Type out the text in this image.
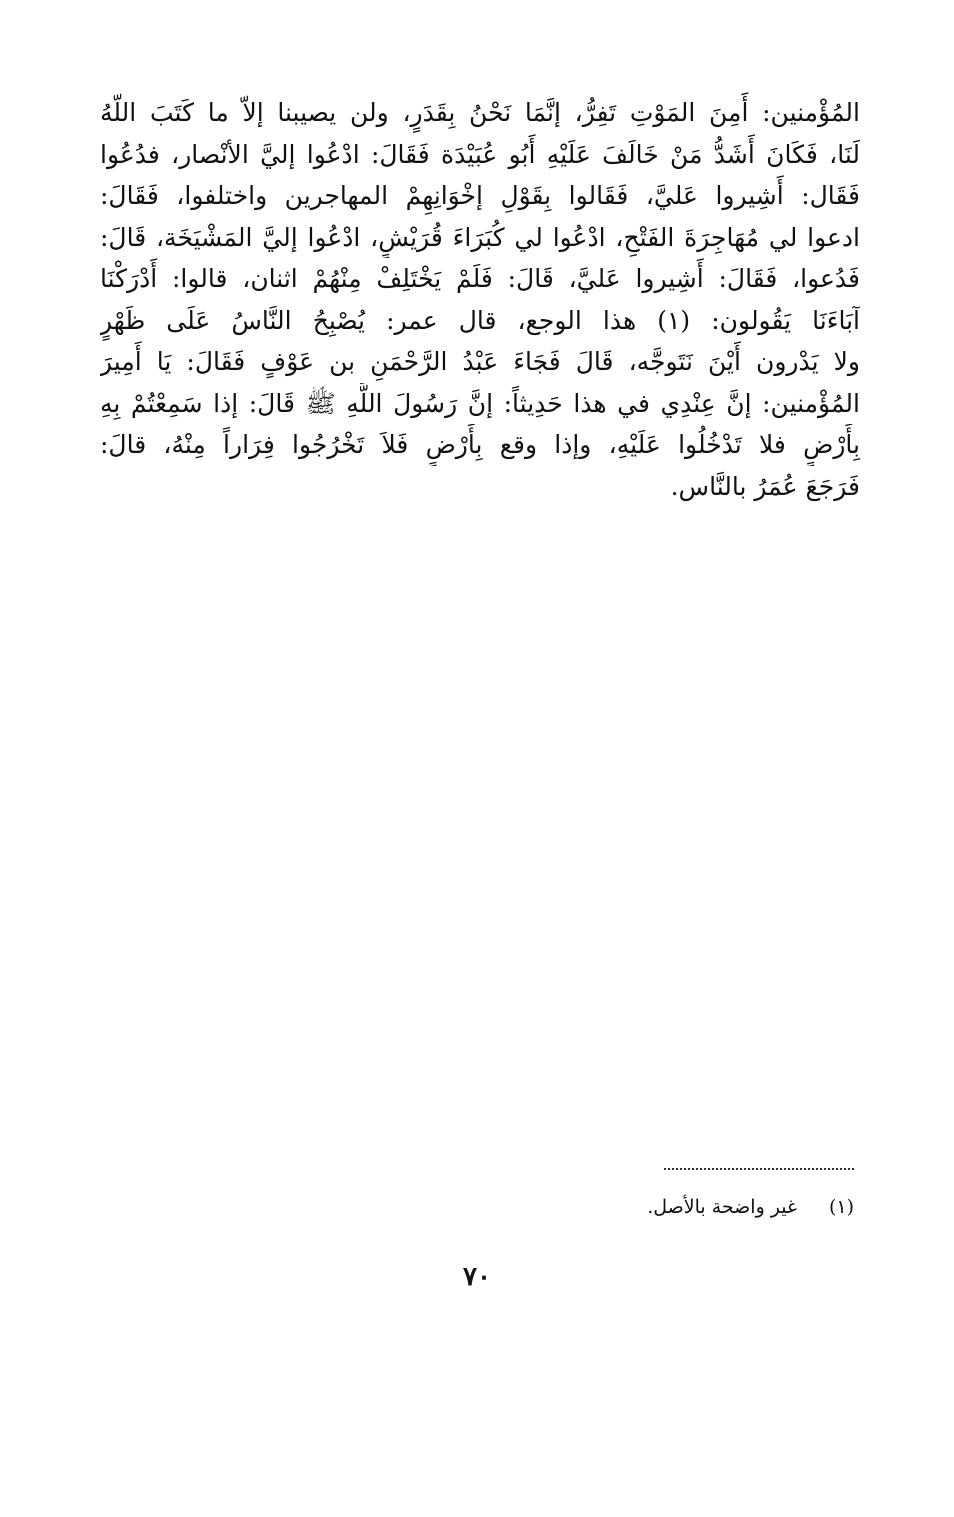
المُؤْمنين: أَمِنَ المَوْتِ تَفِرُّ، إنَّمَا نَحْنُ بِقَدَرٍ، ولن يصيبنا إلاّ ما كَتَبَ اللّهُ
لَنَا، فَكَانَ أَشَدُّ مَنْ خَالَفَ عَلَيْهِ أَبُو عُبَيْدَة فَقَالَ: ادْعُوا إليَّ الأنْصار، فدُعُوا
فَقَال: أَشِيروا عَليَّ، فَقَالوا بِقَوْلِ إخْوَانِهِمْ المهاجرين واختلفوا، فَقَالَ:
ادعوا لي مُهَاجِرَةَ الفَتْحِ، ادْعُوا لي كُبَرَاءَ قُرَيْشٍ، ادْعُوا إليَّ المَشْيَخَة، قَالَ:
فَدُعوا، فَقَالَ: أَشِيروا عَليَّ، قَالَ: فَلَمْ يَخْتَلِفْ مِنْهُمْ اثنان، قالوا: أَدْرَكْنَا
آبَاءَنَا يَقُولون: (١) هذا الوجع، قال عمر: يُصْبِحُ النَّاسُ عَلَى ظَهْرٍ
ولا يَدْرون أَيْنَ نَتَوجَّه، قَالَ فَجَاءَ عَبْدُ الرَّحْمَنِ بن عَوْفٍ فَقَالَ: يَا أَمِيرَ
المُؤْمنين: إنَّ عِنْدِي في هذا حَدِيثاً: إنَّ رَسُولَ اللَّهِ ﷺ قَالَ: إذا سَمِعْتُمْ بِهِ
بِأَرْضٍ فلا تَدْخُلُوا عَلَيْهِ، وإذا وقع بِأَرْضٍ فَلاَ تَخْرُجُوا فِرَاراً مِنْهُ، قالَ:
فَرَجَعَ عُمَرُ بالنَّاس.
(١)غير واضحة بالأصل.
٧٠
